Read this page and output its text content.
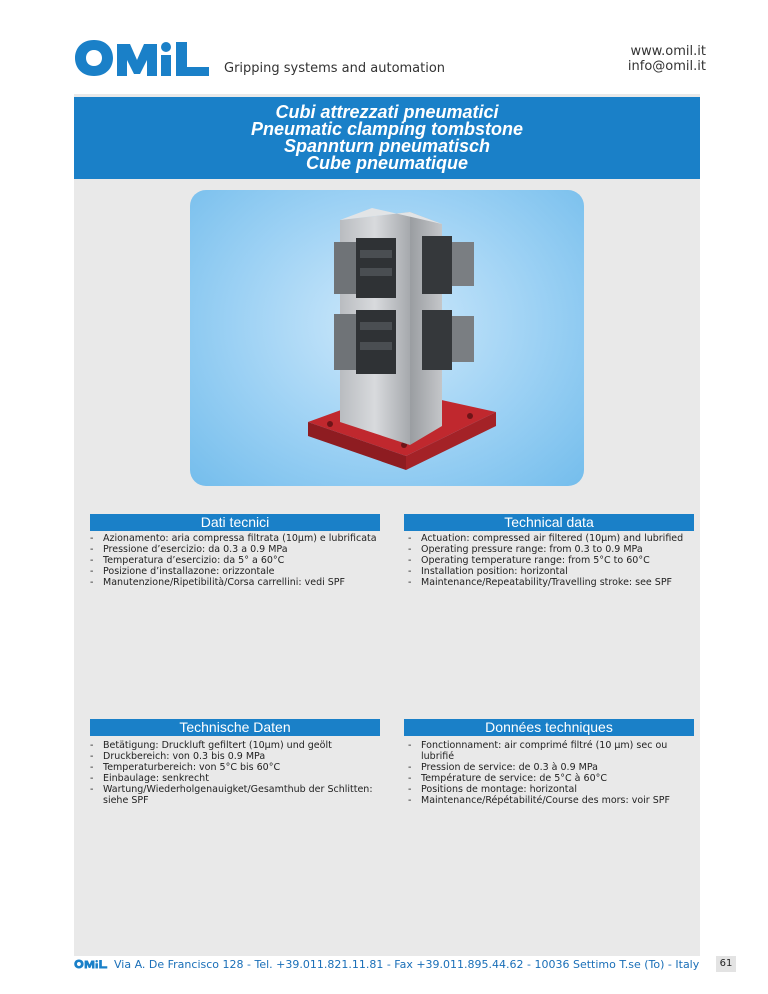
Gripping systems and automation
www.omil.it
info@omil.it
Cubi attrezzati pneumatici
Pneumatic clamping tombstone
Spannturn pneumatisch
Cube pneumatique
Dati tecnici
- Azionamento: aria compressa filtrata (10µm) e lubrificata
- Pressione d’esercizio: da 0.3 a 0.9 MPa
- Temperatura d’esercizio: da 5° a 60°C
- Posizione d’installazone: orizzontale
- Manutenzione/Ripetibilità/Corsa carrellini: vedi SPF
Technical data
- Actuation: compressed air filtered (10µm) and lubrified
- Operating pressure range: from 0.3 to 0.9 MPa
- Operating temperature range: from 5°C to 60°C
- Installation position: horizontal
- Maintenance/Repeatability/Travelling stroke: see SPF
Technische Daten
- Betätigung: Druckluft gefiltert (10µm) und geölt
- Druckbereich: von 0.3 bis 0.9 MPa
- Temperaturbereich: von 5°C bis 60°C
- Einbaulage: senkrecht
- Wartung/Wiederholgenauigket/Gesamthub der Schlitten: siehe SPF
Données techniques
- Fonctionnament: air comprimé filtré (10 µm) sec ou lubrifié
- Pression de service: de 0.3 à 0.9 MPa
- Température de service: de 5°C à 60°C
- Positions de montage: horizontal
- Maintenance/Répétabilité/Course des mors: voir SPF
Via A. De Francisco 128 - Tel. +39.011.821.11.81 - Fax +39.011.895.44.62 - 10036 Settimo T.se (To) - Italy	61
